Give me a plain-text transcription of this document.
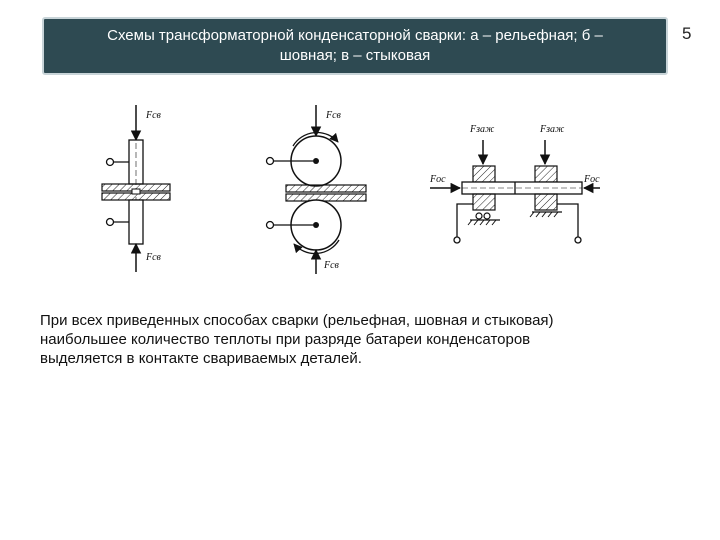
Схемы трансформаторной конденсаторной сварки: а – рельефная; б –
шовная; в – стыковая
5
Fсв
Fсв
Fсв
Fсв
Fзаж	Fзаж
Fос	Fос
При всех приведенных способах сварки (рельефная, шовная и стыковая)
наибольшее количество теплоты при разряде батареи конденсаторов
выделяется в контакте свариваемых деталей.
